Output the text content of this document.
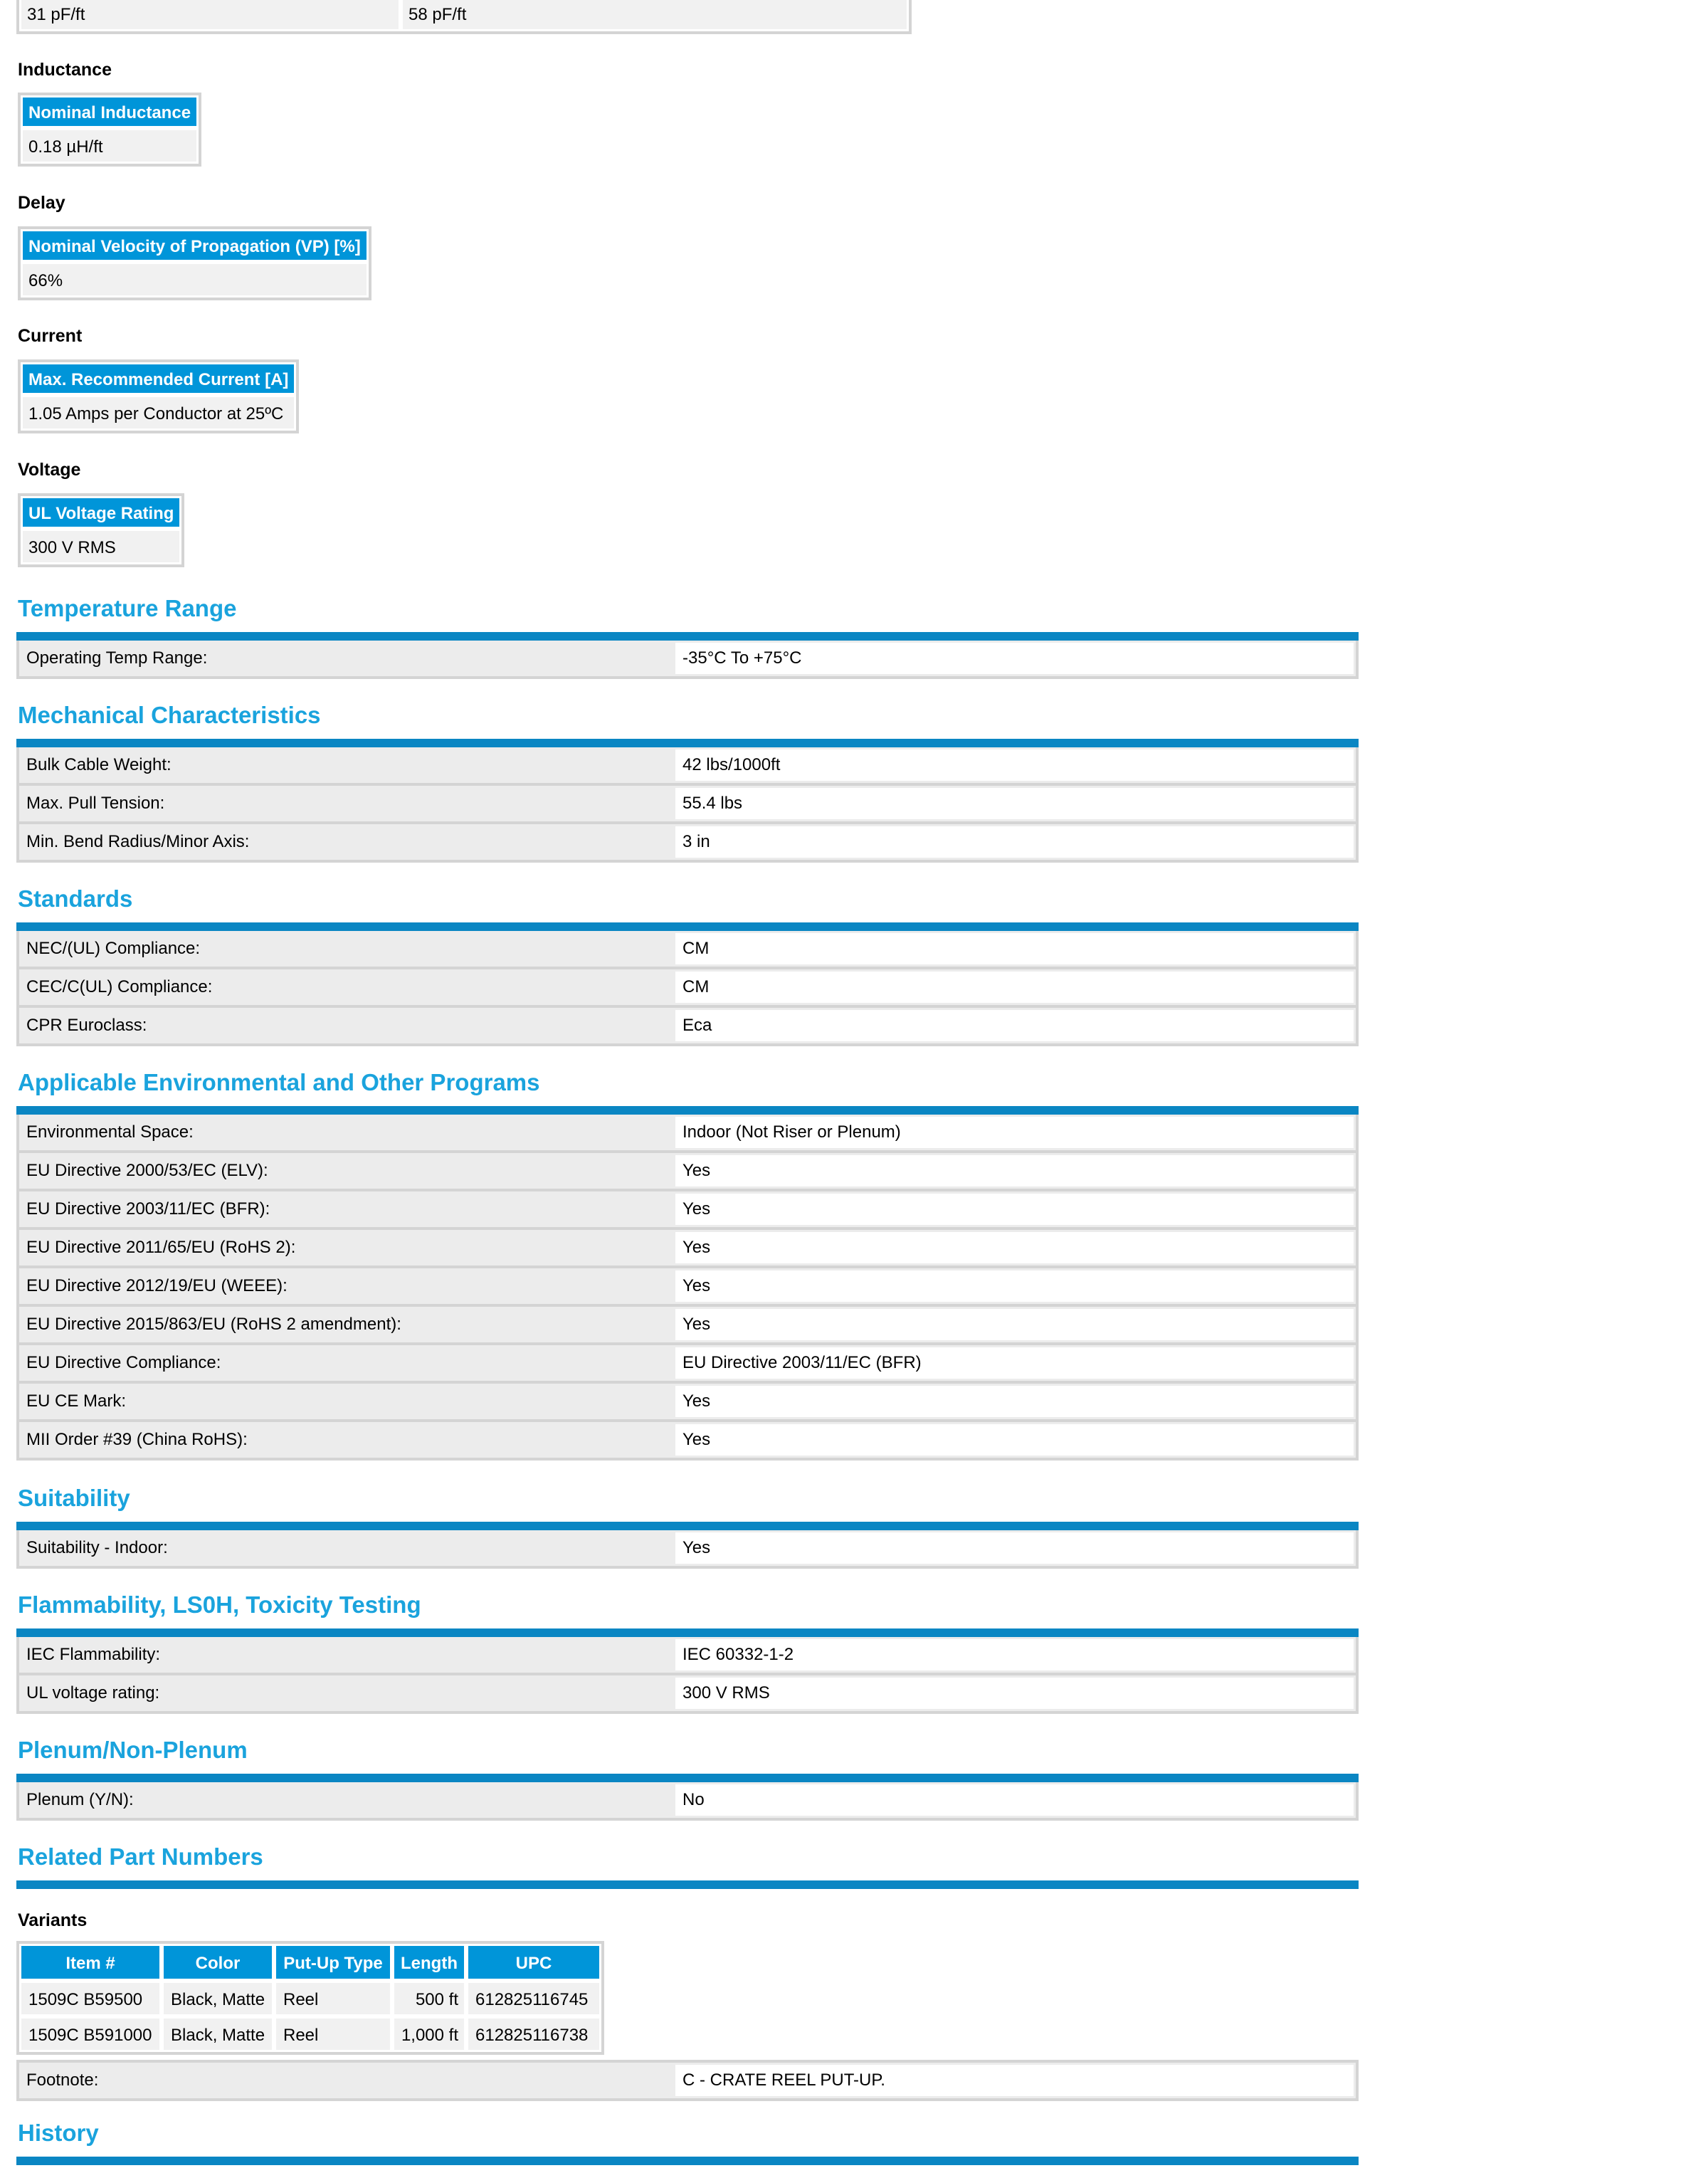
31 pF/ft	58 pF/ft
Inductance
Nominal Inductance
0.18 µH/ft
Delay
Nominal Velocity of Propagation (VP) [%]
66%
Current
Max. Recommended Current [A]
1.05 Amps per Conductor at 25ºC
Voltage
UL Voltage Rating
300 V RMS
Temperature Range
Operating Temp Range:	-35°C To +75°C
Mechanical Characteristics
Bulk Cable Weight:	42 lbs/1000ft
Max. Pull Tension:	55.4 lbs
Min. Bend Radius/Minor Axis:	3 in
Standards
NEC/(UL) Compliance:	CM
CEC/C(UL) Compliance:	CM
CPR Euroclass:	Eca
Applicable Environmental and Other Programs
Environmental Space:	Indoor (Not Riser or Plenum)
EU Directive 2000/53/EC (ELV):	Yes
EU Directive 2003/11/EC (BFR):	Yes
EU Directive 2011/65/EU (RoHS 2):	Yes
EU Directive 2012/19/EU (WEEE):	Yes
EU Directive 2015/863/EU (RoHS 2 amendment):	Yes
EU Directive Compliance:	EU Directive 2003/11/EC (BFR)
EU CE Mark:	Yes
MII Order #39 (China RoHS):	Yes
Suitability
Suitability - Indoor:	Yes
Flammability, LS0H, Toxicity Testing
IEC Flammability:	IEC 60332-1-2
UL voltage rating:	300 V RMS
Plenum/Non-Plenum
Plenum (Y/N):	No
Related Part Numbers
Variants
Item #	Color	Put-Up Type	Length	UPC
1509C B59500	Black, Matte	Reel	500 ft	612825116745
1509C B591000	Black, Matte	Reel	1,000 ft	612825116738
Footnote:	C - CRATE REEL PUT-UP.
History
